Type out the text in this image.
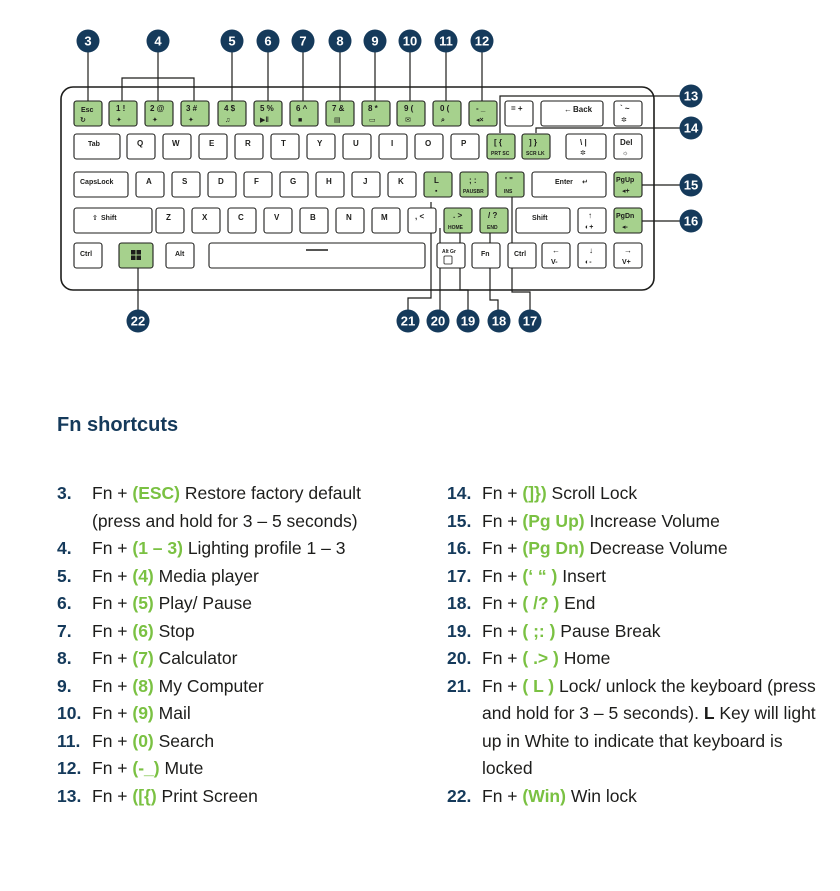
Esc
↻
1 !
✦
2 @
✦
3 #
✦
4 $
♫
5 %
▶‖
6 ^
■
7 &
▤
8 *
▭
9 (
✉
0 (
⌕
- _
◂×
= +	← Back	` ~
✲
Tab	Q	W	E	R	T	Y	U	I	O	P	[ {
PRT SC
] }
SCR LK
\ |
✲
Del
☼
CapsLock	A	S	D	F	G	H	J	K	L
▪
; :
PAUSBR
' "
INS
Enter ↵	PgUp
◂+
⇧ Shift	Z	X	C	V	B	N	M	, <	. >
HOME
/ ?
END
Shift	↑
◐+
PgDn
◂-
Ctrl	Alt	Alt Gr	Fn	Ctrl	←
V-
↓
◐-
→
V+
3	4	5 6 7 8 9 10 11 12
13
14
15
16
17
18
19
20
21
22
Fn shortcuts
3.	Fn + (ESC) Restore factory default (press and hold for 3 – 5 seconds)
4.	Fn + (1 – 3) Lighting profile 1 – 3
5.	Fn + (4) Media player
6.	Fn + (5) Play/ Pause
7.	Fn + (6) Stop
8.	Fn + (7) Calculator
9.	Fn + (8) My Computer
10. Fn + (9) Mail
11. Fn + (0) Search
12. Fn + (-_) Mute
13. Fn + ([{) Print Screen
14. Fn + (]}) Scroll Lock
15. Fn + (Pg Up) Increase Volume
16. Fn + (Pg Dn) Decrease Volume
17. Fn + (‘ “ ) Insert
18. Fn + ( /? ) End
19. Fn + ( ;: ) Pause Break
20. Fn + ( .> ) Home
21. Fn + ( L ) Lock/ unlock the keyboard (press and hold for 3 – 5 seconds). L Key will light up in White to indicate that keyboard is locked
22. Fn + (Win) Win lock
